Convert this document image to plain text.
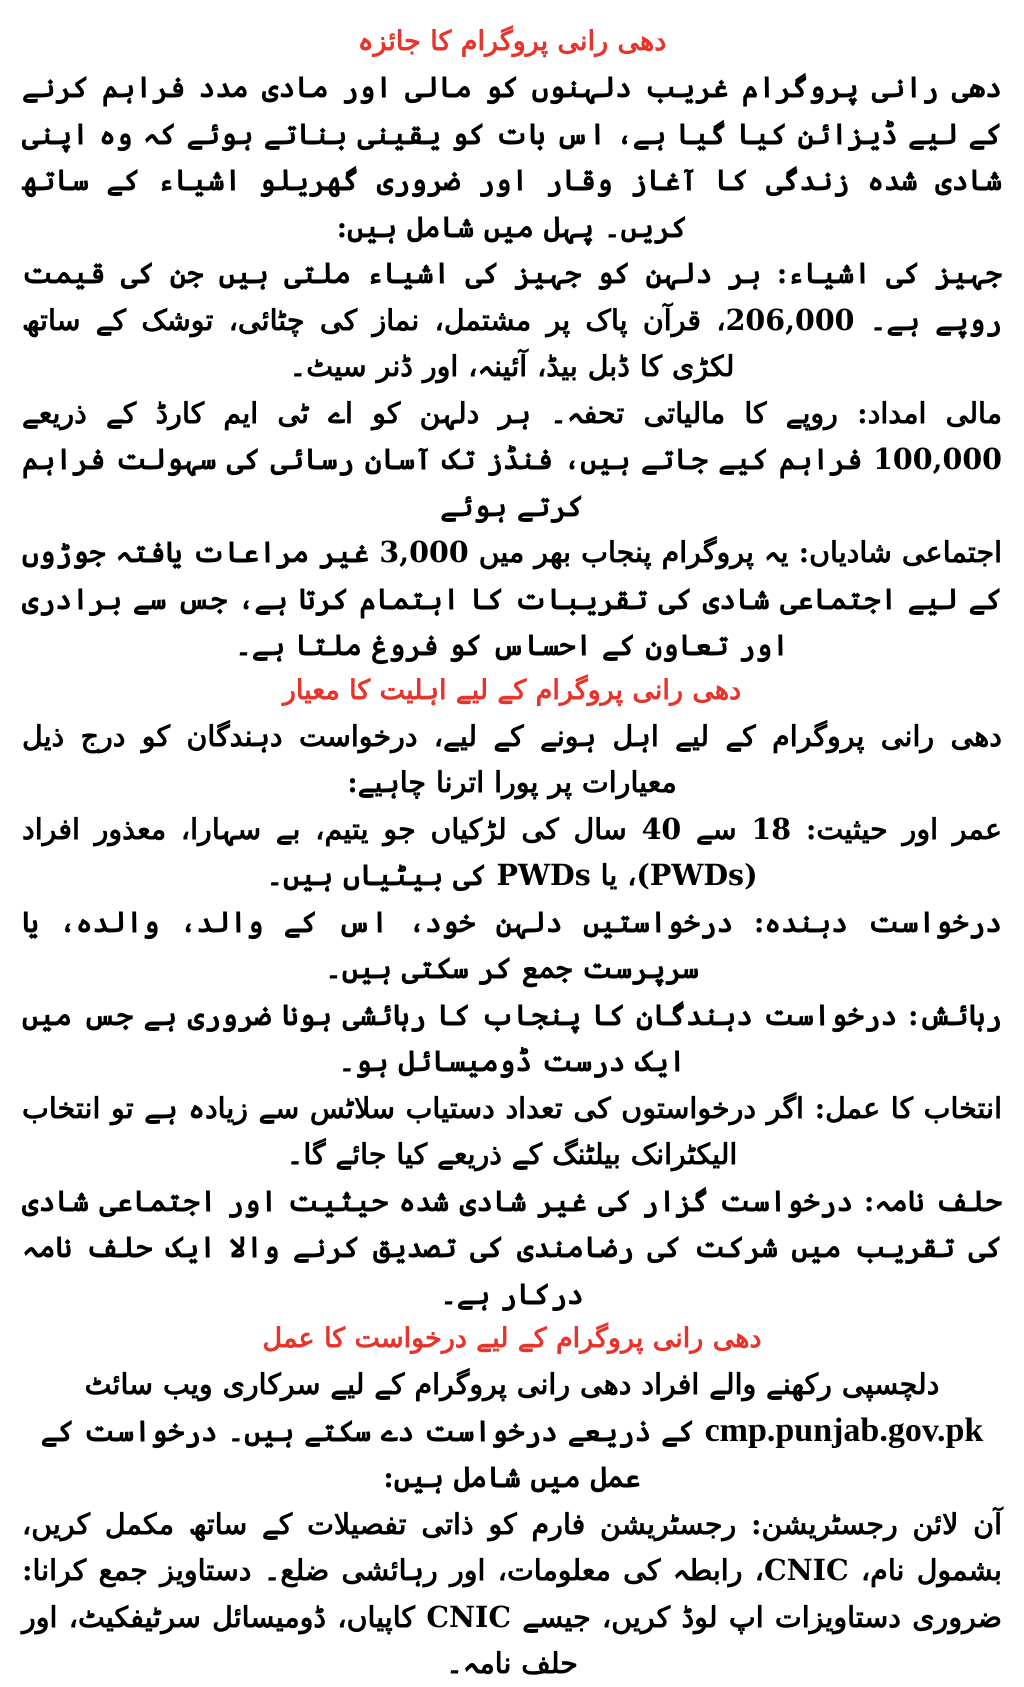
دھی رانی پروگرام کا جائزہ

دھی رانی پروگرام غریب دلہنوں کو مالی اور مادی مدد فراہم کرنے کے لیے ڈیزائن کیا گیا ہے، اس بات کو یقینی بناتے ہوئے کہ وہ اپنی شادی شدہ زندگی کا آغاز وقار اور ضروری گھریلو اشیاء کے ساتھ کریں۔ پہل میں شامل ہیں:

جہیز کی اشیاء: ہر دلہن کو جہیز کی اشیاء ملتی ہیں جن کی قیمت روپے ہے۔ 206,000، قرآن پاک پر مشتمل، نماز کی چٹائی، توشک کے ساتھ لکڑی کا ڈبل بیڈ، آئینہ، اور ڈنر سیٹ۔

مالی امداد: روپے کا مالیاتی تحفہ۔ ہر دلہن کو اے ٹی ایم کارڈ کے ذریعے 100,000 فراہم کیے جاتے ہیں، فنڈز تک آسان رسائی کی سہولت فراہم کرتے ہوئے

اجتماعی شادیاں: یہ پروگرام پنجاب بھر میں 3,000 غیر مراعات یافتہ جوڑوں کے لیے اجتماعی شادی کی تقریبات کا اہتمام کرتا ہے، جس سے برادری اور تعاون کے احساس کو فروغ ملتا ہے۔

دھی رانی پروگرام کے لیے اہلیت کا معیار

دھی رانی پروگرام کے لیے اہل ہونے کے لیے، درخواست دہندگان کو درج ذیل معیارات پر پورا اترنا چاہیے:

عمر اور حیثیت: 18 سے 40 سال کی لڑکیاں جو یتیم، بے سہارا، معذور افراد (PWDs)، یا PWDs کی بیٹیاں ہیں۔

درخواست دہندہ: درخواستیں دلہن خود، اس کے والد، والدہ، یا سرپرست جمع کر سکتی ہیں۔

رہائش: درخواست دہندگان کا پنجاب کا رہائشی ہونا ضروری ہے جس میں ایک درست ڈومیسائل ہو۔

انتخاب کا عمل: اگر درخواستوں کی تعداد دستیاب سلاٹس سے زیادہ ہے تو انتخاب الیکٹرانک بیلٹنگ کے ذریعے کیا جائے گا۔

حلف نامہ: درخواست گزار کی غیر شادی شدہ حیثیت اور اجتماعی شادی کی تقریب میں شرکت کی رضامندی کی تصدیق کرنے والا ایک حلف نامہ درکار ہے۔

دھی رانی پروگرام کے لیے درخواست کا عمل

دلچسپی رکھنے والے افراد دھی رانی پروگرام کے لیے سرکاری ویب سائٹ

cmp.punjab.gov.pk کے ذریعے درخواست دے سکتے ہیں۔ درخواست کے عمل میں شامل ہیں:

آن لائن رجسٹریشن: رجسٹریشن فارم کو ذاتی تفصیلات کے ساتھ مکمل کریں، بشمول نام، CNIC، رابطہ کی معلومات، اور رہائشی ضلع۔ دستاویز جمع کرانا: ضروری دستاویزات اپ لوڈ کریں، جیسے CNIC کاپیاں، ڈومیسائل سرٹیفکیٹ، اور حلف نامہ۔
